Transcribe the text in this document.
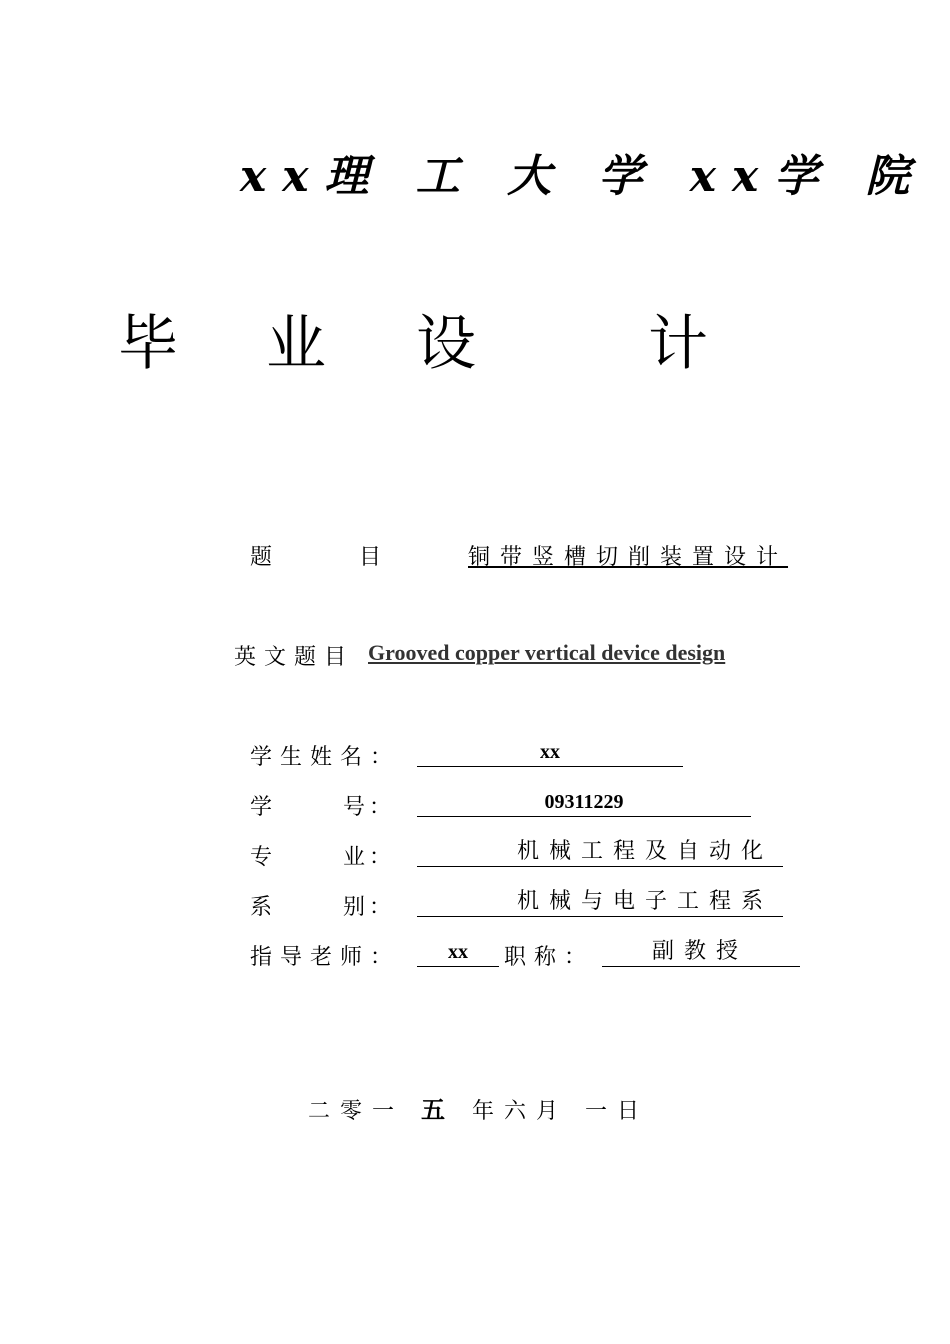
xx理 工 大 学 xx学 院
毕 业 设	计
题 目	铜带竖槽切削装置设计
英文题目 Grooved copper vertical device design
学生姓名：	xx
学 号：	09311229
专 业：	机械工程及自动化
系 别：	机械与电子工程系
指导老师：	xx	职称：	副教授
二零一 五 年六月 一日
